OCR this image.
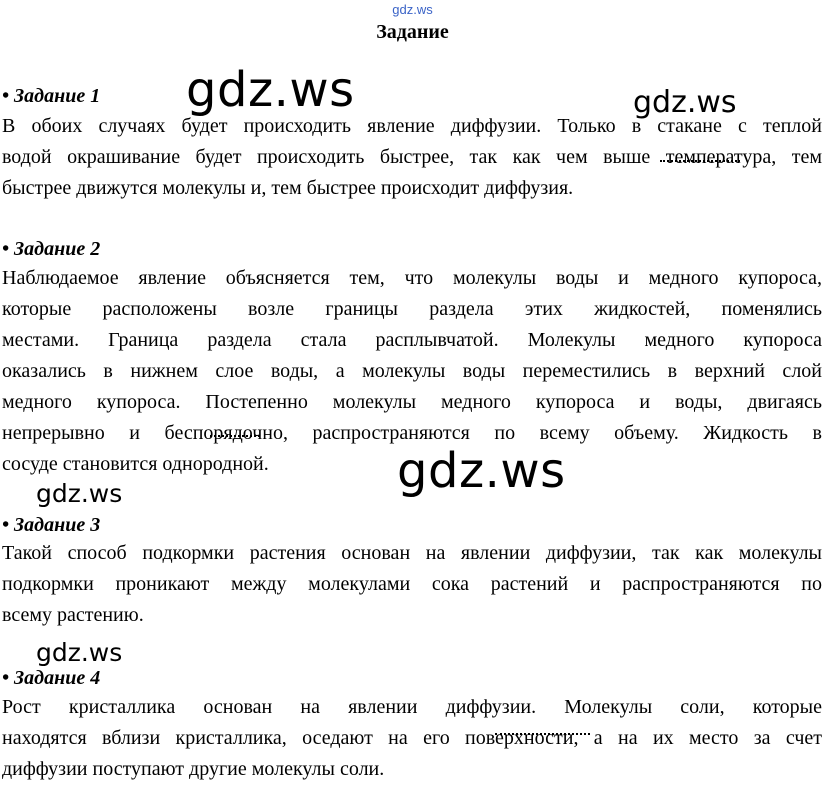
gdz.ws
Задание
• Задание 1
В обоих случаях будет происходить явление диффузии. Только в стакане с теплой
водой окрашивание будет происходить быстрее, так как чем выше температура, тем
быстрее движутся молекулы и, тем быстрее происходит диффузия.
• Задание 2
Наблюдаемое явление объясняется тем, что молекулы воды и медного купороса,
которые расположены возле границы раздела этих жидкостей, поменялись
местами. Граница раздела стала расплывчатой. Молекулы медного купороса
оказались в нижнем слое воды, а молекулы воды переместились в верхний слой
медного купороса. Постепенно молекулы медного купороса и воды, двигаясь
непрерывно и беспорядочно, распространяются по всему объему. Жидкость в
сосуде становится однородной.
• Задание 3
Такой способ подкормки растения основан на явлении диффузии, так как молекулы
подкормки проникают между молекулами сока растений и распространяются по
всему растению.
• Задание 4
Рост кристаллика основан на явлении диффузии. Молекулы соли, которые
находятся вблизи кристаллика, оседают на его поверхности, а на их место за счет
диффузии поступают другие молекулы соли.
gdz.ws	gdz.ws
gdz.ws
gdz.ws
gdz.ws
